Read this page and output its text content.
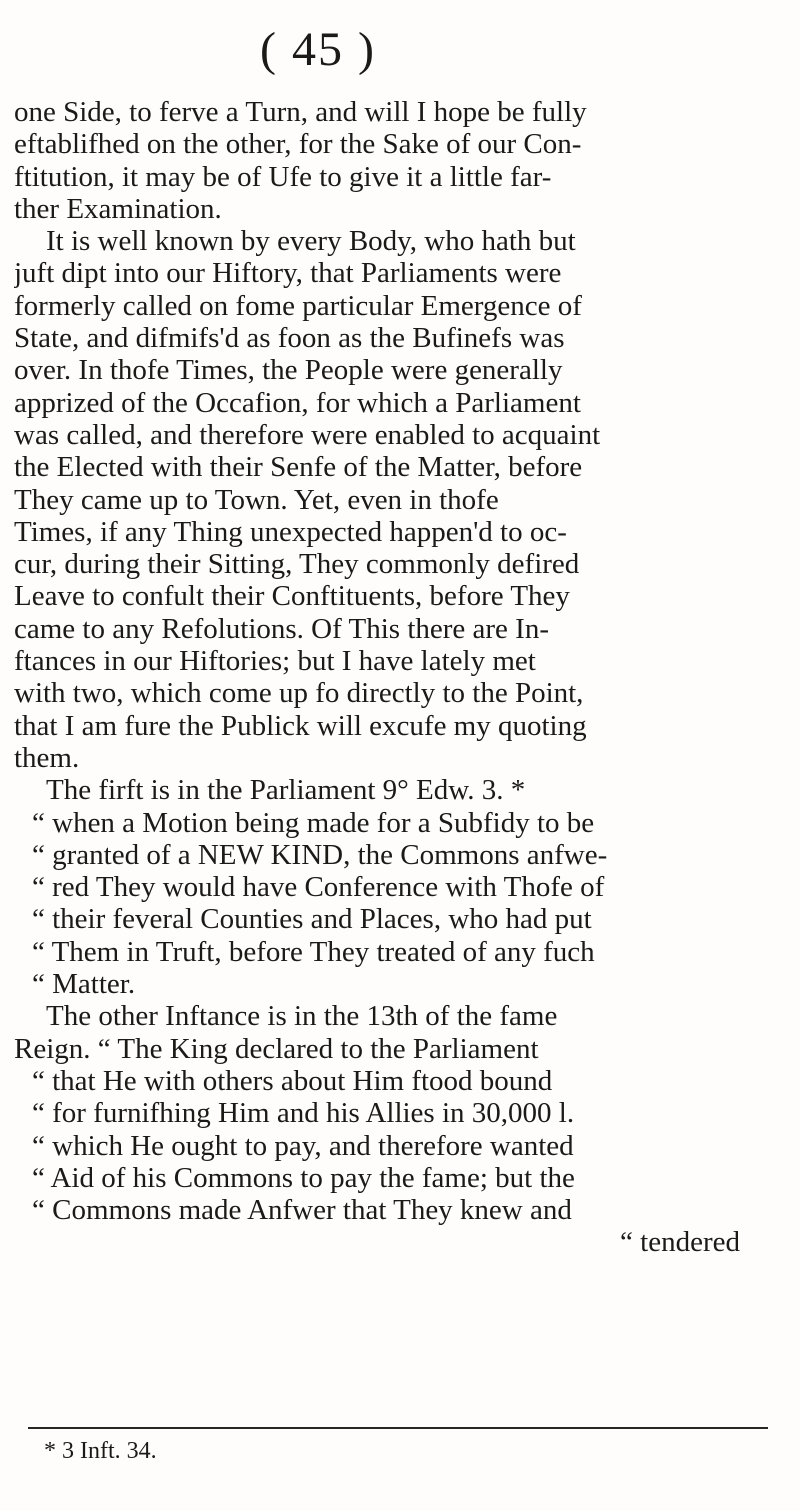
( 45 )
one Side, to ferve a Turn, and will I hope be fully
eftablifhed on the other, for the Sake of our Con-
ftitution, it may be of Ufe to give it a little far-
ther Examination.
It is well known by every Body, who hath but
juft dipt into our Hiftory, that Parliaments were
formerly called on fome particular Emergence of
State, and difmifs'd as foon as the Bufinefs was
over. In thofe Times, the People were generally
apprized of the Occafion, for which a Parliament
was called, and therefore were enabled to acquaint
the Elected with their Senfe of the Matter, before
They came up to Town. Yet, even in thofe
Times, if any Thing unexpected happen'd to oc-
cur, during their Sitting, They commonly defired
Leave to confult their Conftituents, before They
came to any Refolutions. Of This there are In-
ftances in our Hiftories; but I have lately met
with two, which come up fo directly to the Point,
that I am fure the Publick will excufe my quoting
them.
The firft is in the Parliament 9° Edw. 3. *
“ when a Motion being made for a Subfidy to be
“ granted of a NEW KIND, the Commons anfwe-
“ red They would have Conference with Thofe of
“ their feveral Counties and Places, who had put
“ Them in Truft, before They treated of any fuch
“ Matter.
The other Inftance is in the 13th of the fame
Reign. “ The King declared to the Parliament
“ that He with others about Him ftood bound
“ for furnifhing Him and his Allies in 30,000 l.
“ which He ought to pay, and therefore wanted
“ Aid of his Commons to pay the fame; but the
“ Commons made Anfwer that They knew and
“ tendered
* 3 Inft. 34.
